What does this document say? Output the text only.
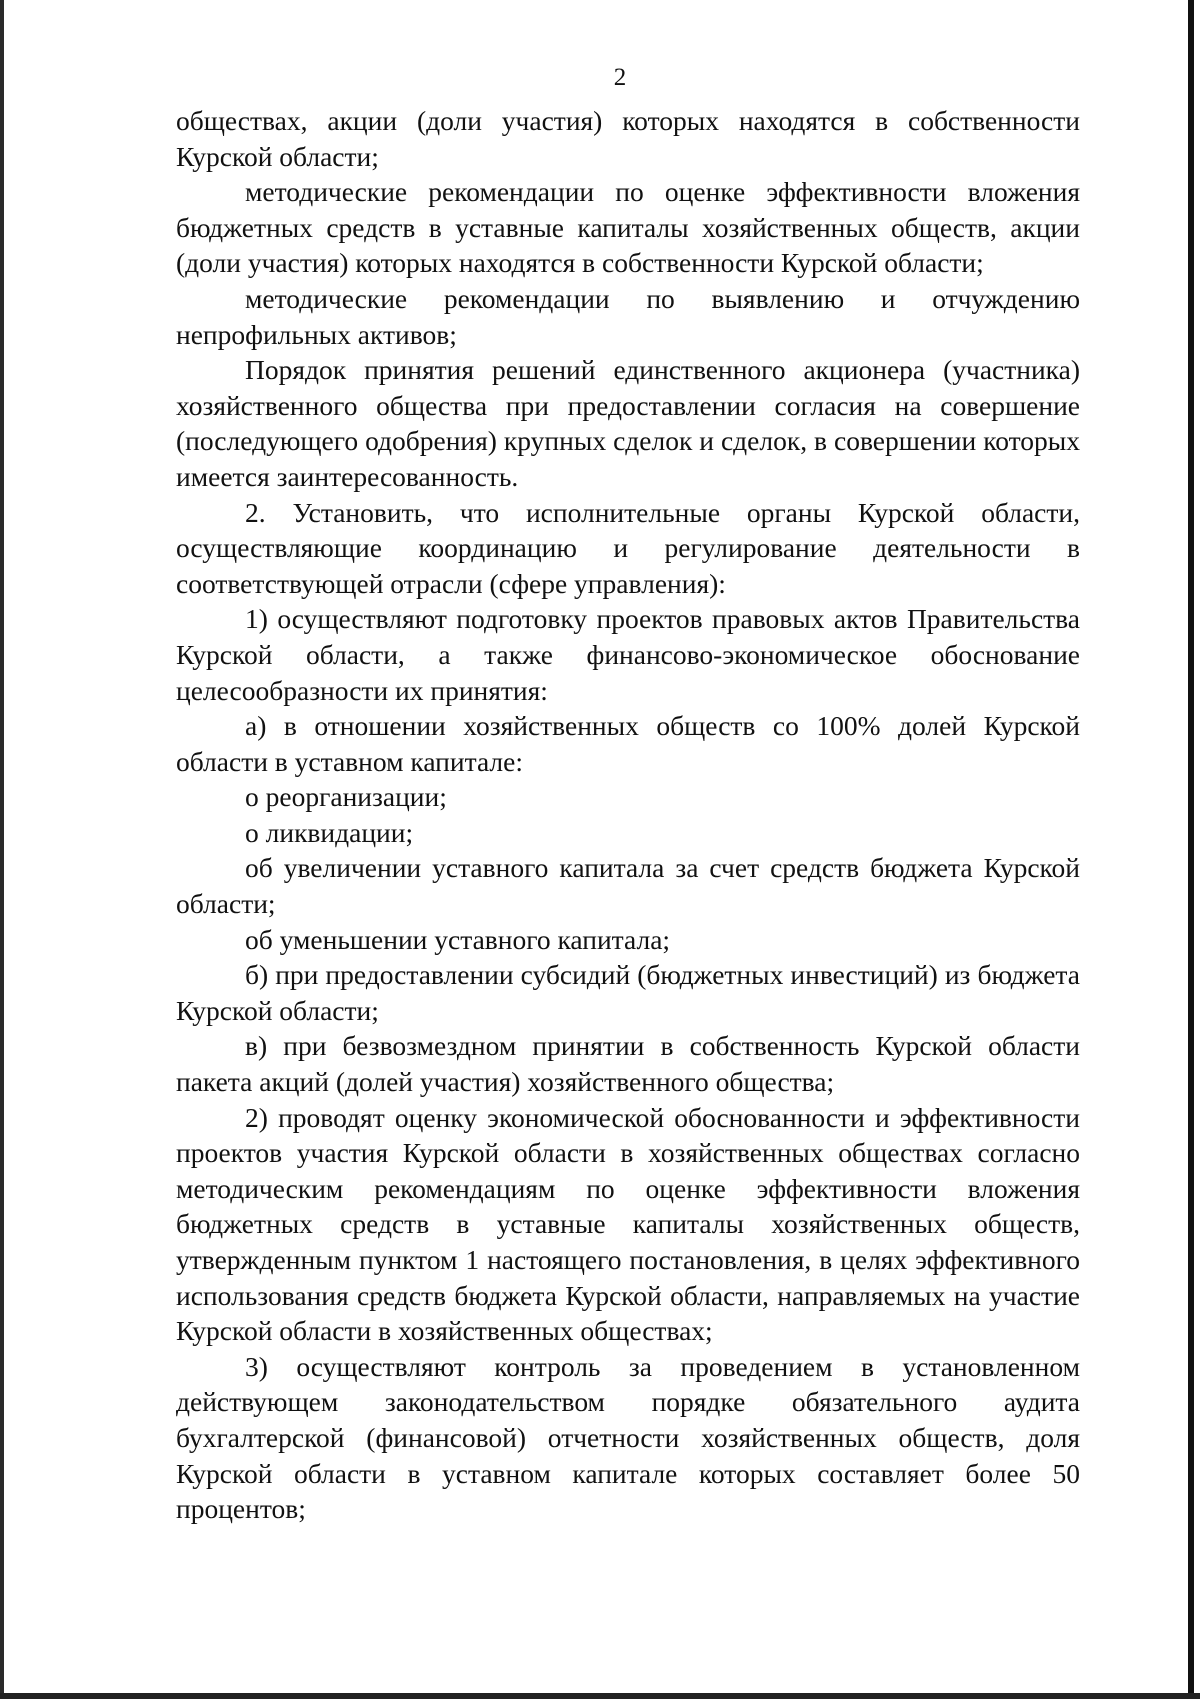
2

обществах, акции (доли участия) которых находятся в собственности Курской области;

методические рекомендации по оценке эффективности вложения бюджетных средств в уставные капиталы хозяйственных обществ, акции (доли участия) которых находятся в собственности Курской области;

методические рекомендации по выявлению и отчуждению непрофильных активов;

Порядок принятия решений единственного акционера (участника) хозяйственного общества при предоставлении согласия на совершение (последующего одобрения) крупных сделок и сделок, в совершении которых имеется заинтересованность.

2. Установить, что исполнительные органы Курской области, осуществляющие координацию и регулирование деятельности в соответствующей отрасли (сфере управления):

1) осуществляют подготовку проектов правовых актов Правительства Курской области, а также финансово-экономическое обоснование целесообразности их принятия:

а) в отношении хозяйственных обществ со 100% долей Курской области в уставном капитале:

о реорганизации;

о ликвидации;

об увеличении уставного капитала за счет средств бюджета Курской области;

об уменьшении уставного капитала;

б) при предоставлении субсидий (бюджетных инвестиций) из бюджета Курской области;

в) при безвозмездном принятии в собственность Курской области пакета акций (долей участия) хозяйственного общества;

2) проводят оценку экономической обоснованности и эффективности проектов участия Курской области в хозяйственных обществах согласно методическим рекомендациям по оценке эффективности вложения бюджетных средств в уставные капиталы хозяйственных обществ, утвержденным пунктом 1 настоящего постановления, в целях эффективного использования средств бюджета Курской области, направляемых на участие Курской области в хозяйственных обществах;

3) осуществляют контроль за проведением в установленном действующем законодательством порядке обязательного аудита бухгалтерской (финансовой) отчетности хозяйственных обществ, доля Курской области в уставном капитале которых составляет более 50 процентов;
